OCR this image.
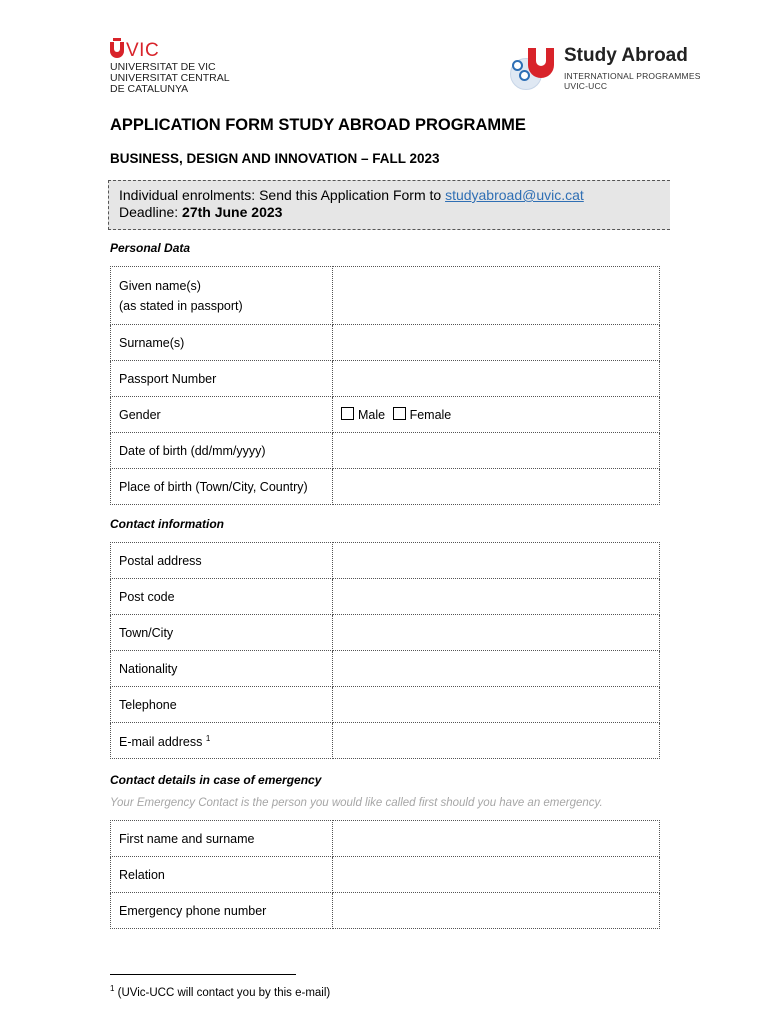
VIC
UNIVERSITAT DE VIC
UNIVERSITAT CENTRAL
DE CATALUNYA
Study Abroad
INTERNATIONAL PROGRAMMES
UVIC-UCC
APPLICATION FORM STUDY ABROAD PROGRAMME
BUSINESS, DESIGN AND INNOVATION – FALL 2023
Individual enrolments: Send this Application Form to studyabroad@uvic.cat
Deadline: 27th June 2023
Personal Data
Given name(s)
(as stated in passport)	

Surname(s)	
Passport Number	
Gender	Male Female
Date of birth (dd/mm/yyyy)	
Place of birth (Town/City, Country)	
Contact information
Postal address	
Post code	
Town/City	
Nationality	
Telephone	
E-mail address $^1$	
Contact details in case of emergency
Your Emergency Contact is the person you would like called first should you have an emergency.
First name and surname	
Relation	
Emergency phone number	
$^1$ (UVic-UCC will contact you by this e-mail)
